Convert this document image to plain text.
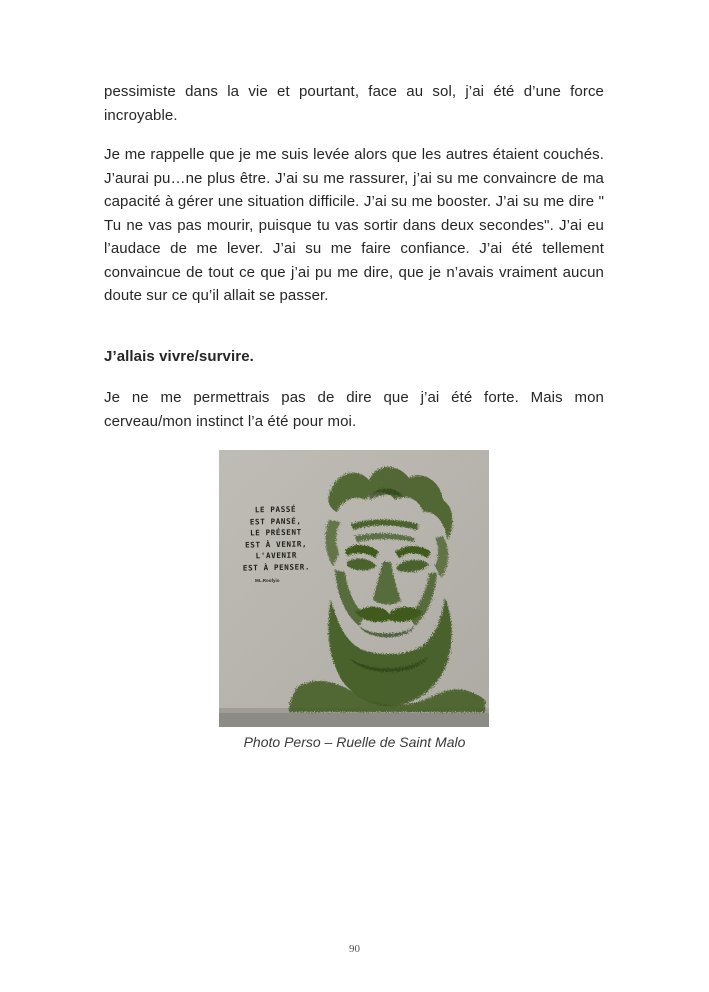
pessimiste dans la vie et pourtant, face au sol, j’ai été d’une force incroyable.

Je me rappelle que je me suis levée alors que les autres étaient couchés. J’aurai pu…ne plus être. J’ai su me rassurer, j’ai su me convaincre de ma capacité à gérer une situation difficile. J’ai su me booster. J’ai su me dire " Tu ne vas pas mourir, puisque tu vas sortir dans deux secondes". J’ai eu l’audace de me lever. J’ai su me faire confiance. J’ai été tellement convaincue de tout ce que j’ai pu me dire, que je n’avais vraiment aucun doute sur ce qu’il allait se passer.

J’allais vivre/survire.

Je ne me permettrais pas de dire que j’ai été forte. Mais mon cerveau/mon instinct l’a été pour moi.

LE PASSÉ
EST PANSÉ,
LE PRÉSENT
EST À VENIR,
L'AVENIR
EST À PENSER.
ML.Roofyio
Photo Perso – Ruelle de Saint Malo
90
